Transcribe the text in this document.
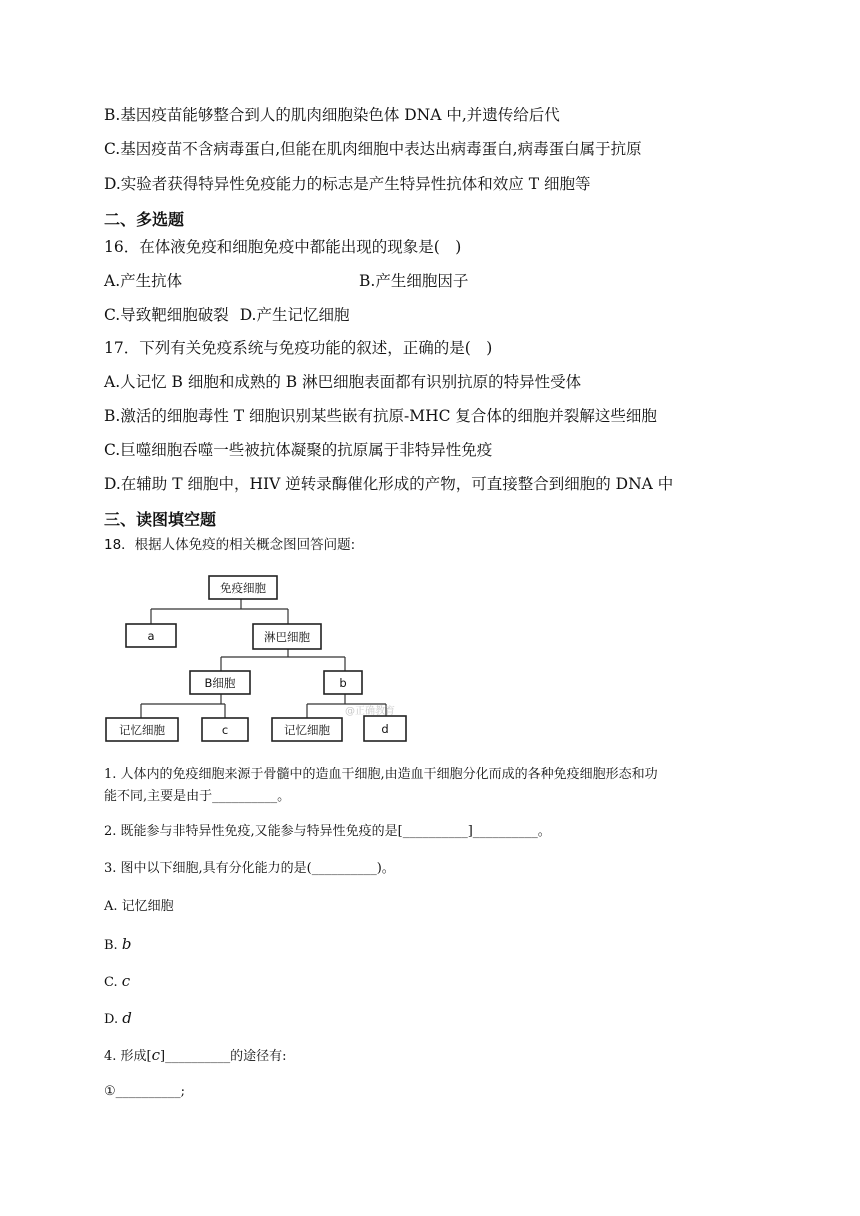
B.基因疫苗能够整合到人的肌肉细胞染色体 DNA 中,并遗传给后代
C.基因疫苗不含病毒蛋白,但能在肌肉细胞中表达出病毒蛋白,病毒蛋白属于抗原
D.实验者获得特异性免疫能力的标志是产生特异性抗体和效应 T 细胞等
二、多选题
16．在体液免疫和细胞免疫中都能出现的现象是(　)
A.产生抗体	B.产生细胞因子
C.导致靶细胞破裂 D.产生记忆细胞
17．下列有关免疫系统与免疫功能的叙述，正确的是(　)
A.人记忆 B 细胞和成熟的 B 淋巴细胞表面都有识别抗原的特异性受体
B.激活的细胞毒性 T 细胞识别某些嵌有抗原-MHC 复合体的细胞并裂解这些细胞
C.巨噬细胞吞噬一些被抗体凝聚的抗原属于非特异性免疫
D.在辅助 T 细胞中，HIV 逆转录酶催化形成的产物，可直接整合到细胞的 DNA 中
三、读图填空题
18．根据人体免疫的相关概念图回答问题:
免疫细胞
a	淋巴细胞
B细胞	b
记忆细胞	c	记忆细胞	d
@正确教育
1. 人体内的免疫细胞来源于骨髓中的造血干细胞,由造血干细胞分化而成的各种免疫细胞形态和功
能不同,主要是由于__________。
2. 既能参与非特异性免疫,又能参与特异性免疫的是[__________]__________。
3. 图中以下细胞,具有分化能力的是(__________)。
A. 记忆细胞
B. b
C. c
D. d
4. 形成[c]__________的途径有:
①__________;
